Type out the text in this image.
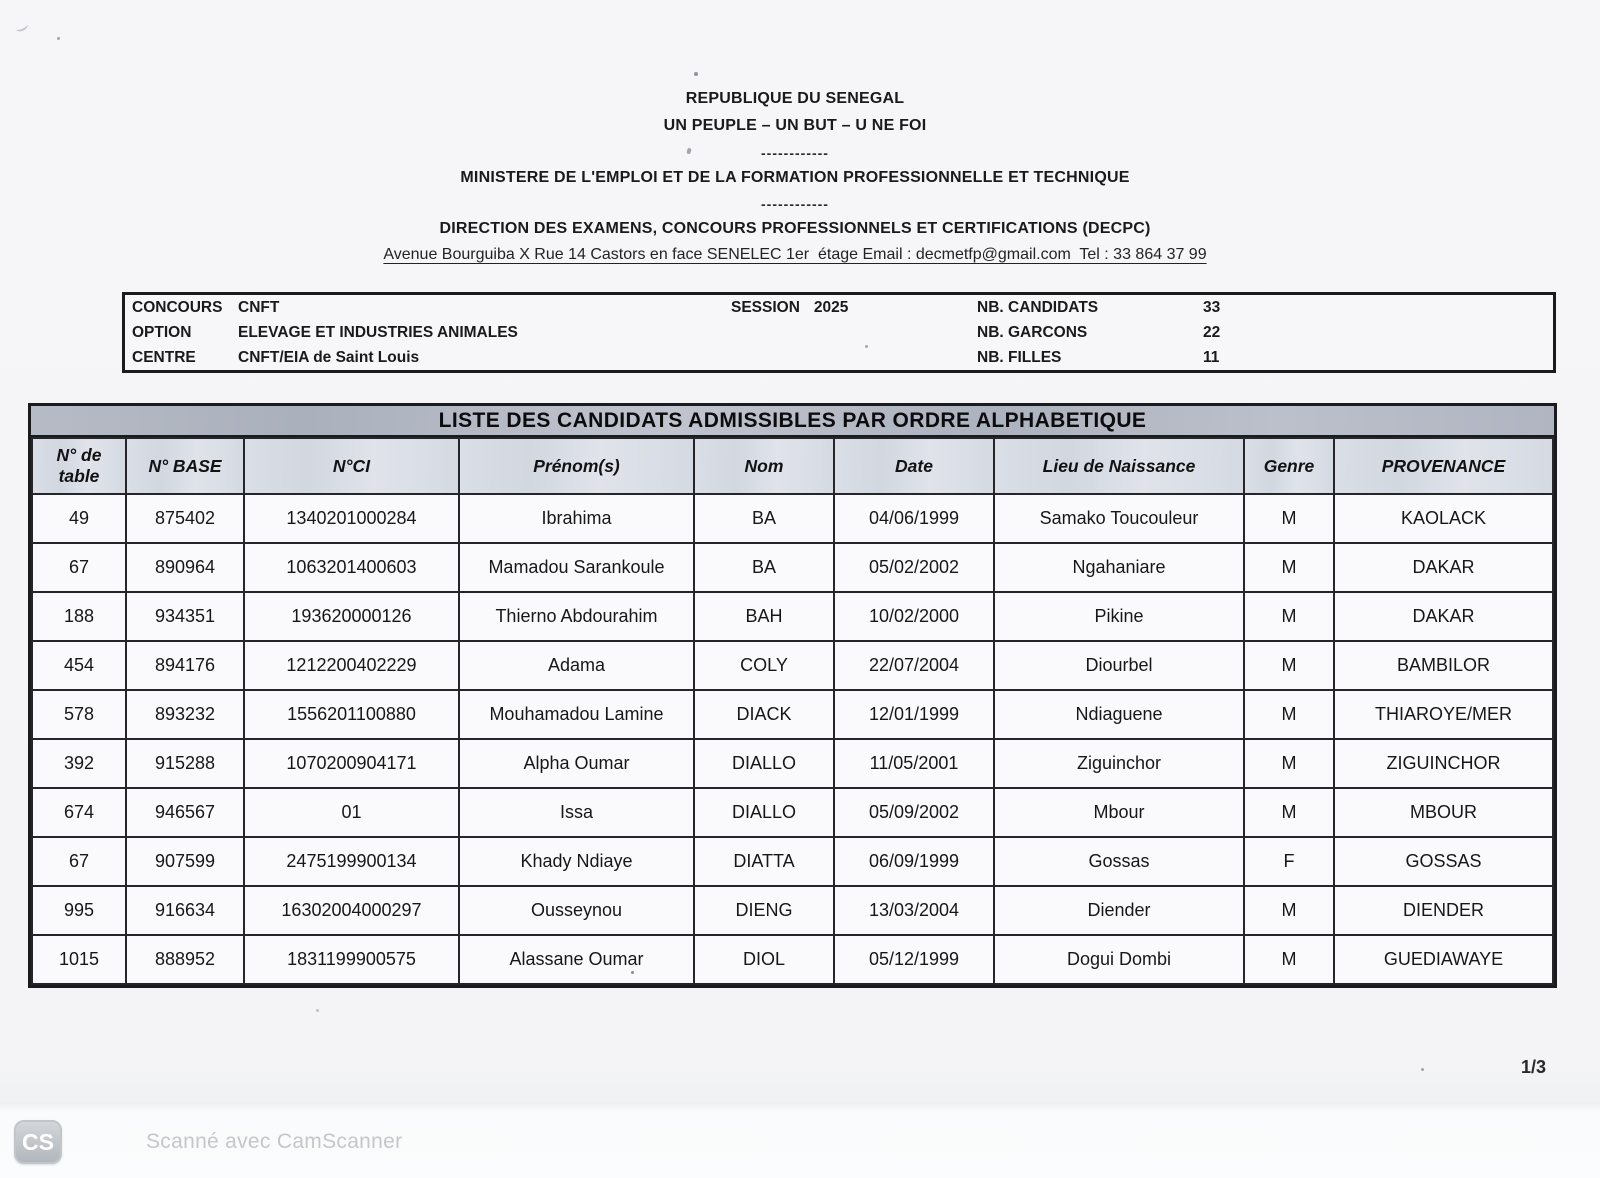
REPUBLIQUE DU SENEGAL
UN PEUPLE – UN BUT – U NE FOI
------------
MINISTERE DE L'EMPLOI ET DE LA FORMATION PROFESSIONNELLE ET TECHNIQUE
------------
DIRECTION DES EXAMENS, CONCOURS PROFESSIONNELS ET CERTIFICATIONS (DECPC)
Avenue Bourguiba X Rue 14 Castors en face SENELEC 1er  étage Email : decmetfp@gmail.com  Tel : 33 864 37 99
CONCOURS CNFT	SESSION 2025	NB. CANDIDATS	33
OPTION	ELEVAGE ET INDUSTRIES ANIMALES	NB. GARCONS	22
CENTRE	CNFT/EIA de Saint Louis	NB. FILLES	11
LISTE DES CANDIDATS ADMISSIBLES PAR ORDRE ALPHABETIQUE
N° de table	N° BASE	N°CI	Prénom(s)	Nom	Date	Lieu de Naissance	Genre	PROVENANCE
49	875402	1340201000284	Ibrahima	BA	04/06/1999	Samako Toucouleur	M	KAOLACK
67	890964	1063201400603	Mamadou Sarankoule	BA	05/02/2002	Ngahaniare	M	DAKAR
188	934351	193620000126	Thierno Abdourahim	BAH	10/02/2000	Pikine	M	DAKAR
454	894176	1212200402229	Adama	COLY	22/07/2004	Diourbel	M	BAMBILOR
578	893232	1556201100880	Mouhamadou Lamine	DIACK	12/01/1999	Ndiaguene	M	THIAROYE/MER
392	915288	1070200904171	Alpha Oumar	DIALLO	11/05/2001	Ziguinchor	M	ZIGUINCHOR
674	946567	01	Issa	DIALLO	05/09/2002	Mbour	M	MBOUR
67	907599	2475199900134	Khady Ndiaye	DIATTA	06/09/1999	Gossas	F	GOSSAS
995	916634	16302004000297	Ousseynou	DIENG	13/03/2004	Diender	M	DIENDER
1015	888952	1831199900575	Alassane Oumar	DIOL	05/12/1999	Dogui Dombi	M	GUEDIAWAYE
1/3
CS	Scanné avec CamScanner
